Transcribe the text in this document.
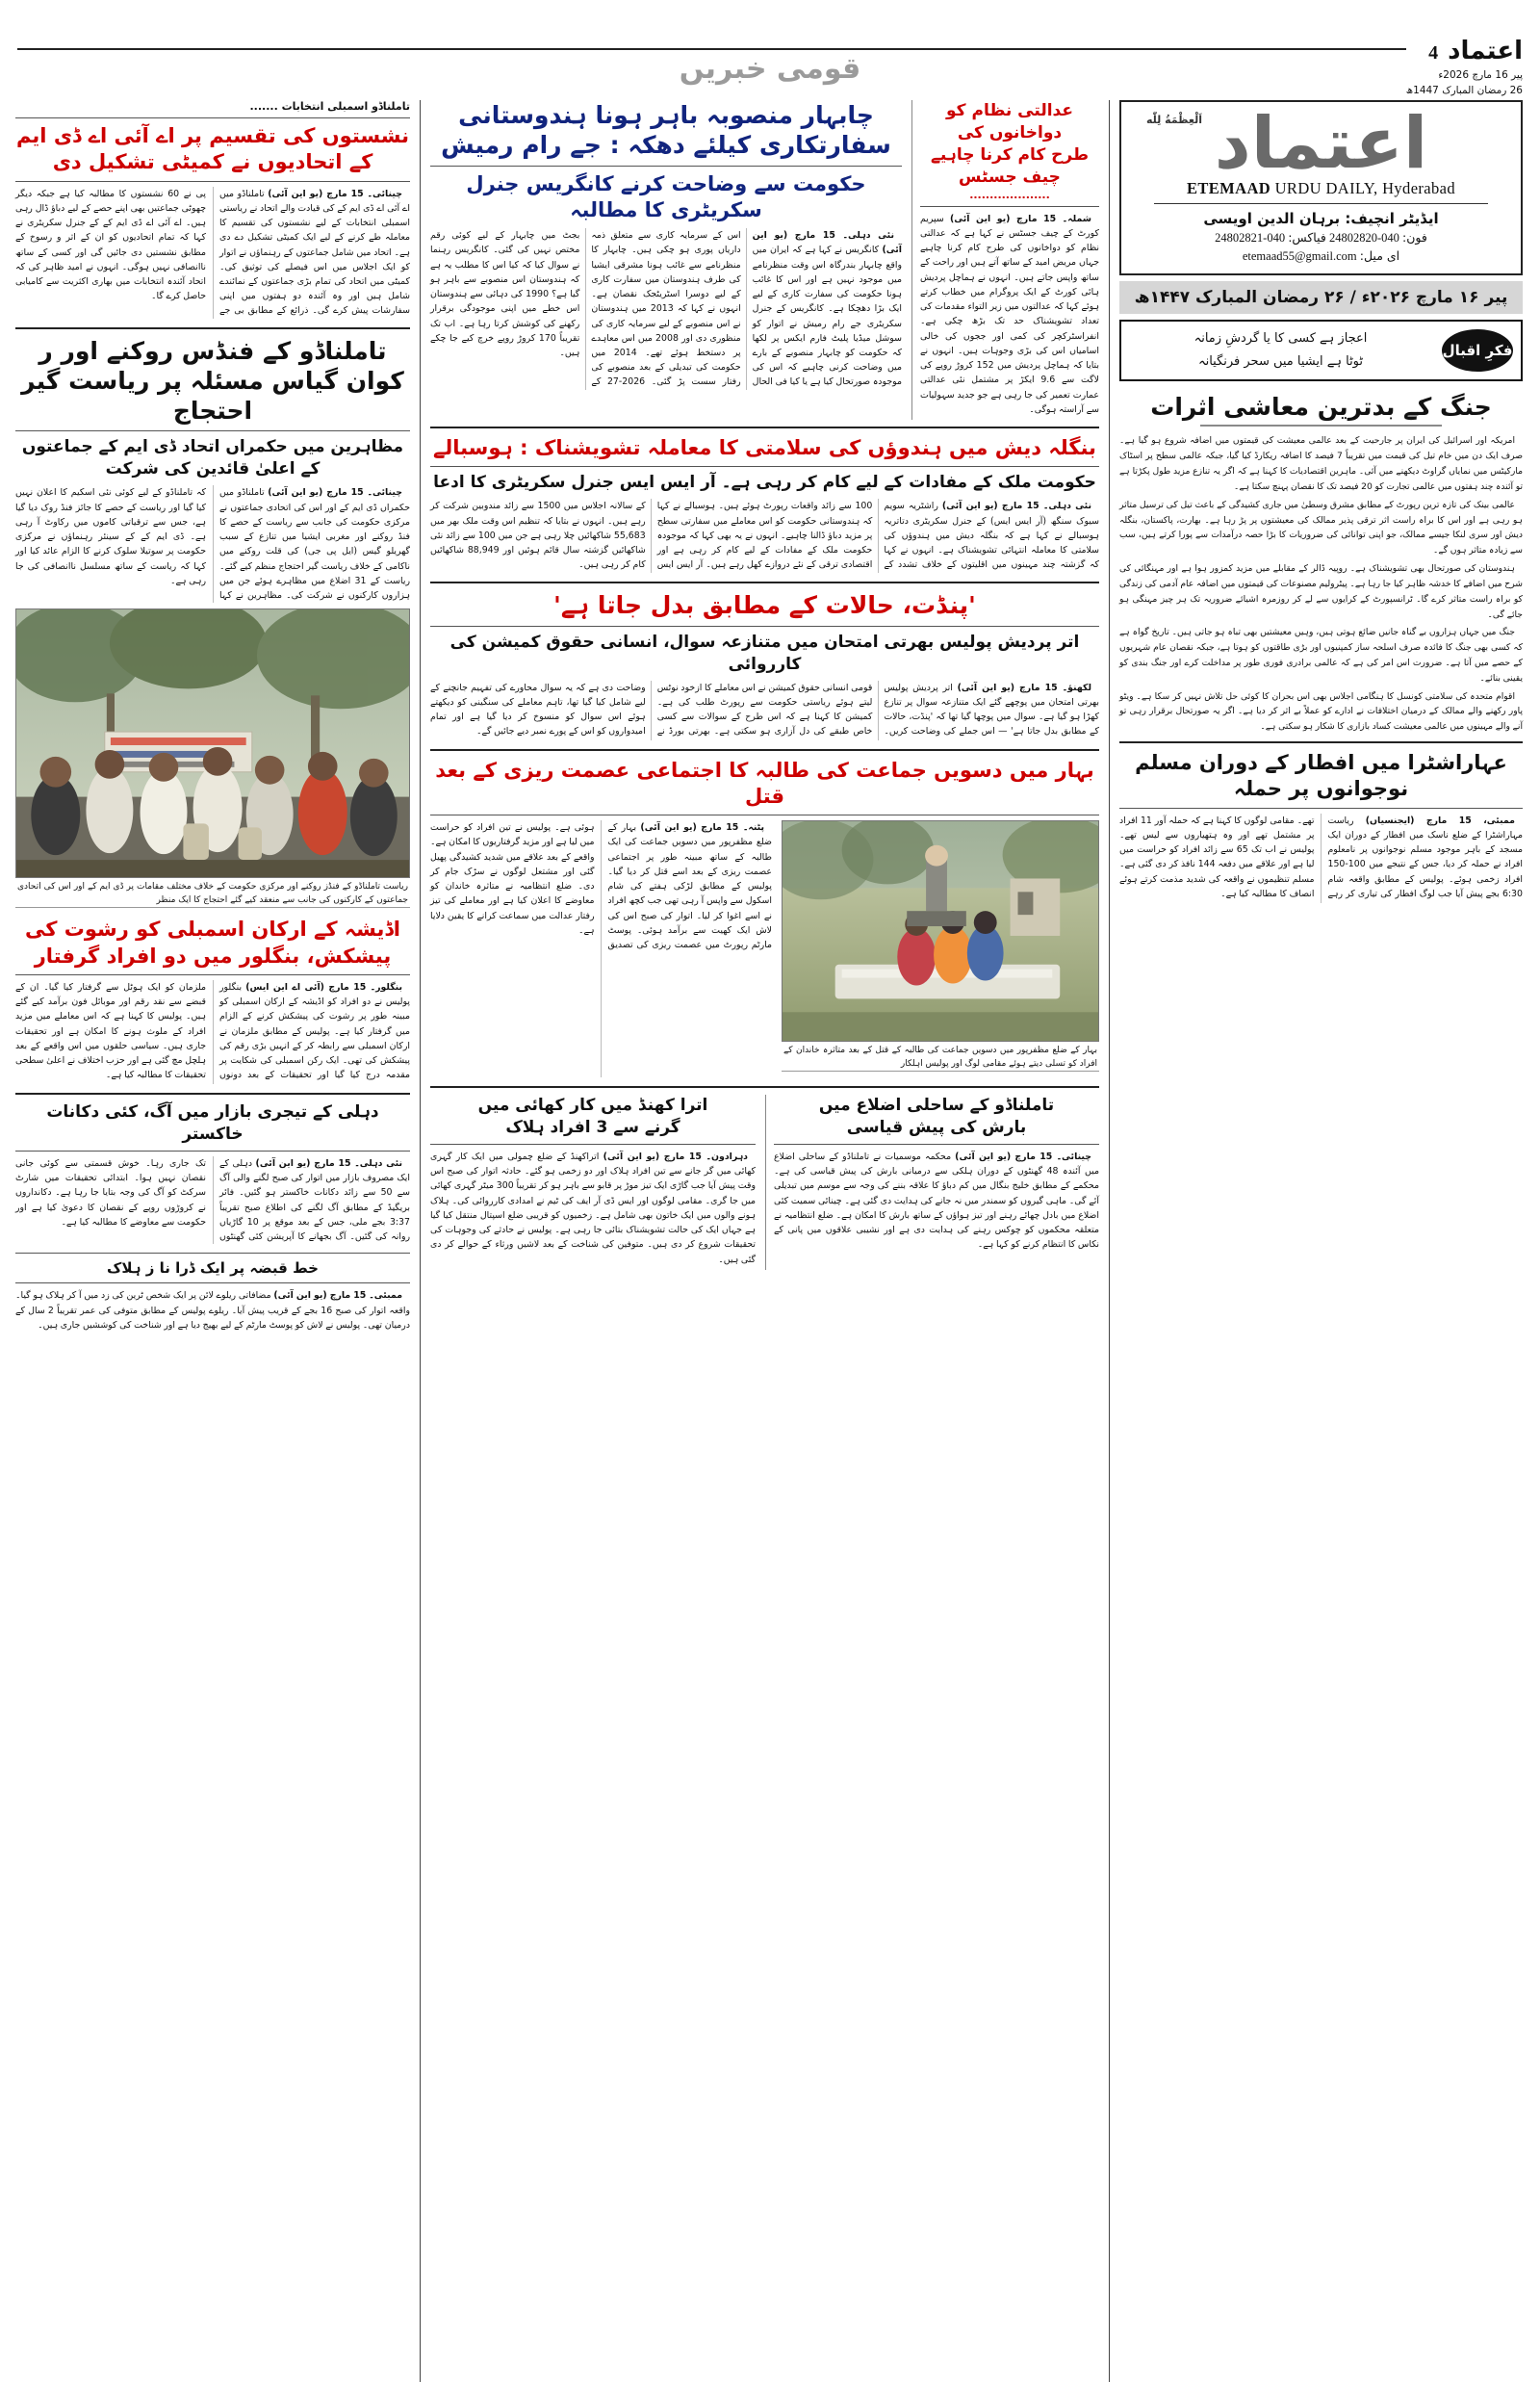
اعتماد
4
پیر 16 مارچ 2026ء
26 رمضان المبارک 1447ھ
قومی خبریں
اَلْعِظْمَةُ لِلّٰه اعتماد
ETEMAAD URDU DAILY, Hyderabad
ایڈیٹر انچیف: برہان الدین اویسی
فون: 040-24802820 فیاکس: 040-24802821
ای میل: etemaad55@gmail.com
پیر ۱۶ مارچ ۲۰۲۶ء / ۲۶ رمضان المبارک ۱۴۴۷ھ
فکرِ اقبال
اعجاز ہے کسی کا یا گردشِ زمانہ
ٹوٹا ہے ایشیا میں سحر فرنگیانہ
جنگ کے بدترین معاشی اثرات

امریکہ اور اسرائیل کی ایران پر جارحیت کے بعد عالمی معیشت کی قیمتوں میں اضافہ شروع ہو گیا ہے۔ صرف ایک دن میں خام تیل کی قیمت میں تقریباً 7 فیصد کا اضافہ ریکارڈ کیا گیا، جبکہ عالمی سطح پر اسٹاک مارکیٹس میں نمایاں گراوٹ دیکھنے میں آئی۔ ماہرین اقتصادیات کا کہنا ہے کہ اگر یہ تنازع مزید طول پکڑتا ہے تو آئندہ چند ہفتوں میں عالمی تجارت کو 20 فیصد تک کا نقصان پہنچ سکتا ہے۔

عالمی بینک کی تازہ ترین رپورٹ کے مطابق مشرق وسطیٰ میں جاری کشیدگی کے باعث تیل کی ترسیل متاثر ہو رہی ہے اور اس کا براہ راست اثر ترقی پذیر ممالک کی معیشتوں پر پڑ رہا ہے۔ بھارت، پاکستان، بنگلہ دیش اور سری لنکا جیسے ممالک، جو اپنی توانائی کی ضروریات کا بڑا حصہ درآمدات سے پورا کرتے ہیں، سب سے زیادہ متاثر ہوں گے۔

ہندوستان کی صورتحال بھی تشویشناک ہے۔ روپیہ ڈالر کے مقابلے میں مزید کمزور ہوا ہے اور مہنگائی کی شرح میں اضافے کا خدشہ ظاہر کیا جا رہا ہے۔ پیٹرولیم مصنوعات کی قیمتوں میں اضافہ عام آدمی کی زندگی کو براہ راست متاثر کرے گا۔ ٹرانسپورٹ کے کرایوں سے لے کر روزمرہ اشیائے ضروریہ تک ہر چیز مہنگی ہو جائے گی۔

جنگ میں جہاں ہزاروں بے گناہ جانیں ضائع ہوتی ہیں، وہیں معیشتیں بھی تباہ ہو جاتی ہیں۔ تاریخ گواہ ہے کہ کسی بھی جنگ کا فائدہ صرف اسلحہ ساز کمپنیوں اور بڑی طاقتوں کو ہوتا ہے، جبکہ نقصان عام شہریوں کے حصے میں آتا ہے۔ ضرورت اس امر کی ہے کہ عالمی برادری فوری طور پر مداخلت کرے اور جنگ بندی کو یقینی بنائے۔

اقوام متحدہ کی سلامتی کونسل کا ہنگامی اجلاس بھی اس بحران کا کوئی حل تلاش نہیں کر سکا ہے۔ ویٹو پاور رکھنے والے ممالک کے درمیان اختلافات نے ادارے کو عملاً بے اثر کر دیا ہے۔ اگر یہ صورتحال برقرار رہی تو آنے والے مہینوں میں عالمی معیشت کساد بازاری کا شکار ہو سکتی ہے۔

عہاراشٹرا میں افطار کے دوران مسلم نوجوانوں پر حملہ

ممبئی، 15 مارچ (ایجنسیاں) ریاست مہاراشٹرا کے ضلع ناسک میں افطار کے دوران ایک مسجد کے باہر موجود مسلم نوجوانوں پر نامعلوم افراد نے حملہ کر دیا، جس کے نتیجے میں 100-150 افراد زخمی ہوئے۔ پولیس کے مطابق واقعہ شام 6:30 بجے پیش آیا جب لوگ افطار کی تیاری کر رہے تھے۔ مقامی لوگوں کا کہنا ہے کہ حملہ آور 11 افراد پر مشتمل تھے اور وہ ہتھیاروں سے لیس تھے۔ پولیس نے اب تک 65 سے زائد افراد کو حراست میں لیا ہے اور علاقے میں دفعہ 144 نافذ کر دی گئی ہے۔ مسلم تنظیموں نے واقعہ کی شدید مذمت کرتے ہوئے انصاف کا مطالبہ کیا ہے۔

عدالتی نظام کو دواخانوں کی
طرح کام کرنا چاہیے
چیف جسٹس
....................

شملہ۔ 15 مارچ (یو این آئی) سپریم کورٹ کے چیف جسٹس نے کہا ہے کہ عدالتی نظام کو دواخانوں کی طرح کام کرنا چاہیے جہاں مریض امید کے ساتھ آتے ہیں اور راحت کے ساتھ واپس جاتے ہیں۔ انہوں نے ہماچل پردیش ہائی کورٹ کے ایک پروگرام میں خطاب کرتے ہوئے کہا کہ عدالتوں میں زیر التواء مقدمات کی تعداد تشویشناک حد تک بڑھ چکی ہے۔ انفراسٹرکچر کی کمی اور ججوں کی خالی اسامیاں اس کی بڑی وجوہات ہیں۔ انہوں نے بتایا کہ ہماچل پردیش میں 152 کروڑ روپے کی لاگت سے 9.6 ایکڑ پر مشتمل نئی عدالتی عمارت تعمیر کی جا رہی ہے جو جدید سہولیات سے آراستہ ہوگی۔

چابہار منصوبہ باہر ہونا ہندوستانی سفارتکاری کیلئے دھکہ : جے رام رمیش
حکومت سے وضاحت کرنے کانگریس جنرل سکریٹری کا مطالبہ

نئی دہلی۔ 15 مارچ (یو این آئی) کانگریس نے کہا ہے کہ ایران میں واقع چابہار بندرگاہ اس وقت منظرنامے میں موجود نہیں ہے اور اس کا غائب ہونا حکومت کی سفارت کاری کے لیے ایک بڑا دھچکا ہے۔ کانگریس کے جنرل سکریٹری جے رام رمیش نے اتوار کو سوشل میڈیا پلیٹ فارم ایکس پر لکھا کہ حکومت کو چابہار منصوبے کے بارے میں وضاحت کرنی چاہیے کہ اس کی موجودہ صورتحال کیا ہے یا کیا فی الحال اس کے سرمایہ کاری سے متعلق ذمہ داریاں پوری ہو چکی ہیں۔ چابہار کا منظرنامے سے غائب ہونا مشرقی ایشیا کی طرف ہندوستان میں سفارت کاری کے لیے دوسرا اسٹریٹجک نقصان ہے۔ انہوں نے کہا کہ 2013 میں ہندوستان نے اس منصوبے کے لیے سرمایہ کاری کی منظوری دی اور 2008 میں اس معاہدے پر دستخط ہوئے تھے۔ 2014 میں حکومت کی تبدیلی کے بعد منصوبے کی رفتار سست پڑ گئی۔ 2026-27 کے بجٹ میں چابہار کے لیے کوئی رقم مختص نہیں کی گئی۔ کانگریس رہنما نے سوال کیا کہ کیا اس کا مطلب یہ ہے کہ ہندوستان اس منصوبے سے باہر ہو گیا ہے؟ 1990 کی دہائی سے ہندوستان اس خطے میں اپنی موجودگی برقرار رکھنے کی کوشش کرتا رہا ہے۔ اب تک تقریباً 170 کروڑ روپے خرچ کیے جا چکے ہیں۔

بنگلہ دیش میں ہندوؤں کی سلامتی کا معاملہ تشویشناک : ہوسبالے
حکومت ملک کے مفادات کے لیے کام کر رہی ہے۔ آر ایس ایس جنرل سکریٹری کا ادعا

نئی دہلی۔ 15 مارچ (یو این آئی) راشٹریہ سویم سیوک سنگھ (آر ایس ایس) کے جنرل سکریٹری دتاتریہ ہوسبالے نے کہا ہے کہ بنگلہ دیش میں ہندوؤں کی سلامتی کا معاملہ انتہائی تشویشناک ہے۔ انہوں نے کہا کہ گزشتہ چند مہینوں میں اقلیتوں کے خلاف تشدد کے 100 سے زائد واقعات رپورٹ ہوئے ہیں۔ ہوسبالے نے کہا کہ ہندوستانی حکومت کو اس معاملے میں سفارتی سطح پر مزید دباؤ ڈالنا چاہیے۔ انہوں نے یہ بھی کہا کہ موجودہ حکومت ملک کے مفادات کے لیے کام کر رہی ہے اور اقتصادی ترقی کے نئے دروازے کھل رہے ہیں۔ آر ایس ایس کے سالانہ اجلاس میں 1500 سے زائد مندوبین شرکت کر رہے ہیں۔ انہوں نے بتایا کہ تنظیم اس وقت ملک بھر میں 55,683 شاکھائیں چلا رہی ہے جن میں 100 سے زائد نئی شاکھائیں گزشتہ سال قائم ہوئیں اور 88,949 شاکھائیں کام کر رہی ہیں۔

'پنڈت، حالات کے مطابق بدل جاتا ہے'
اتر پردیش پولیس بھرتی امتحان میں متنازعہ سوال، انسانی حقوق کمیشن کی کارروائی

لکھنؤ۔ 15 مارچ (یو این آئی) اتر پردیش پولیس بھرتی امتحان میں پوچھے گئے ایک متنازعہ سوال پر تنازع کھڑا ہو گیا ہے۔ سوال میں پوچھا گیا تھا کہ 'پنڈت، حالات کے مطابق بدل جاتا ہے' — اس جملے کی وضاحت کریں۔ قومی انسانی حقوق کمیشن نے اس معاملے کا ازخود نوٹس لیتے ہوئے ریاستی حکومت سے رپورٹ طلب کی ہے۔ کمیشن کا کہنا ہے کہ اس طرح کے سوالات سے کسی خاص طبقے کی دل آزاری ہو سکتی ہے۔ بھرتی بورڈ نے وضاحت دی ہے کہ یہ سوال محاورے کی تفہیم جانچنے کے لیے شامل کیا گیا تھا، تاہم معاملے کی سنگینی کو دیکھتے ہوئے اس سوال کو منسوخ کر دیا گیا ہے اور تمام امیدواروں کو اس کے پورے نمبر دیے جائیں گے۔

بہار میں دسویں جماعت کی طالبہ کا اجتماعی عصمت ریزی کے بعد قتل
بہار کے ضلع مظفرپور میں دسویں جماعت کی طالبہ کے قتل کے بعد متاثرہ خاندان کے افراد کو تسلی دیتے ہوئے مقامی لوگ اور پولیس اہلکار

پٹنہ۔ 15 مارچ (یو این آئی) بہار کے ضلع مظفرپور میں دسویں جماعت کی ایک طالبہ کے ساتھ مبینہ طور پر اجتماعی عصمت ریزی کے بعد اسے قتل کر دیا گیا۔ پولیس کے مطابق لڑکی ہفتے کی شام اسکول سے واپس آ رہی تھی جب کچھ افراد نے اسے اغوا کر لیا۔ اتوار کی صبح اس کی لاش ایک کھیت سے برآمد ہوئی۔ پوسٹ مارٹم رپورٹ میں عصمت ریزی کی تصدیق ہوئی ہے۔ پولیس نے تین افراد کو حراست میں لیا ہے اور مزید گرفتاریوں کا امکان ہے۔ واقعے کے بعد علاقے میں شدید کشیدگی پھیل گئی اور مشتعل لوگوں نے سڑک جام کر دی۔ ضلع انتظامیہ نے متاثرہ خاندان کو معاوضے کا اعلان کیا ہے اور معاملے کی تیز رفتار عدالت میں سماعت کرانے کا یقین دلایا ہے۔

تاملناڈو کے ساحلی اضلاع میں
بارش کی پیش قیاسی

چینائی۔ 15 مارچ (یو این آئی) محکمہ موسمیات نے تاملناڈو کے ساحلی اضلاع میں آئندہ 48 گھنٹوں کے دوران ہلکی سے درمیانی بارش کی پیش قیاسی کی ہے۔ محکمے کے مطابق خلیج بنگال میں کم دباؤ کا علاقہ بننے کی وجہ سے موسم میں تبدیلی آئے گی۔ ماہی گیروں کو سمندر میں نہ جانے کی ہدایت دی گئی ہے۔ چینائی سمیت کئی اضلاع میں بادل چھائے رہنے اور تیز ہواؤں کے ساتھ بارش کا امکان ہے۔ ضلع انتظامیہ نے متعلقہ محکموں کو چوکس رہنے کی ہدایت دی ہے اور نشیبی علاقوں میں پانی کے نکاس کا انتظام کرنے کو کہا ہے۔

اترا کھنڈ میں کار کھائی میں
گرنے سے 3 افراد ہلاک

دہرادون۔ 15 مارچ (یو این آئی) اتراکھنڈ کے ضلع چمولی میں ایک کار گہری کھائی میں گر جانے سے تین افراد ہلاک اور دو زخمی ہو گئے۔ حادثہ اتوار کی صبح اس وقت پیش آیا جب گاڑی ایک تیز موڑ پر قابو سے باہر ہو کر تقریباً 300 میٹر گہری کھائی میں جا گری۔ مقامی لوگوں اور ایس ڈی آر ایف کی ٹیم نے امدادی کارروائی کی۔ ہلاک ہونے والوں میں ایک خاتون بھی شامل ہے۔ زخمیوں کو قریبی ضلع اسپتال منتقل کیا گیا ہے جہاں ایک کی حالت تشویشناک بتائی جا رہی ہے۔ پولیس نے حادثے کی وجوہات کی تحقیقات شروع کر دی ہیں۔ متوفین کی شناخت کے بعد لاشیں ورثاء کے حوالے کر دی گئی ہیں۔

تاملناڈو اسمبلی انتخابات .......
نشستوں کی تقسیم پر اے آئی اے ڈی ایم کے اتحادیوں نے کمیٹی تشکیل دی

چینائی۔ 15 مارچ (یو این آئی) تاملناڈو میں اے آئی اے ڈی ایم کے کی قیادت والے اتحاد نے ریاستی اسمبلی انتخابات کے لیے نشستوں کی تقسیم کا معاملہ طے کرنے کے لیے ایک کمیٹی تشکیل دے دی ہے۔ اتحاد میں شامل جماعتوں کے رہنماؤں نے اتوار کو ایک اجلاس میں اس فیصلے کی توثیق کی۔ کمیٹی میں اتحاد کی تمام بڑی جماعتوں کے نمائندے شامل ہیں اور وہ آئندہ دو ہفتوں میں اپنی سفارشات پیش کرے گی۔ ذرائع کے مطابق بی جے پی نے 60 نشستوں کا مطالبہ کیا ہے جبکہ دیگر چھوٹی جماعتیں بھی اپنے حصے کے لیے دباؤ ڈال رہی ہیں۔ اے آئی اے ڈی ایم کے کے جنرل سکریٹری نے کہا کہ تمام اتحادیوں کو ان کے اثر و رسوخ کے مطابق نشستیں دی جائیں گی اور کسی کے ساتھ ناانصافی نہیں ہوگی۔ انہوں نے امید ظاہر کی کہ اتحاد آئندہ انتخابات میں بھاری اکثریت سے کامیابی حاصل کرے گا۔

تاملناڈو کے فنڈس روکنے اور ر کوان گیاس مسئلہ پر ریاست گیر احتجاج
مظاہرین میں حکمراں اتحاد ڈی ایم کے جماعتوں کے اعلیٰ قائدین کی شرکت

چینائی۔ 15 مارچ (یو این آئی) تاملناڈو میں حکمراں ڈی ایم کے اور اس کی اتحادی جماعتوں نے مرکزی حکومت کی جانب سے ریاست کے حصے کا فنڈ روکنے اور مغربی ایشیا میں تنازع کے سبب گھریلو گیس (ایل پی جی) کی قلت روکنے میں ناکامی کے خلاف ریاست گیر احتجاج منظم کیے گئے۔ ریاست کے 31 اضلاع میں مظاہرے ہوئے جن میں ہزاروں کارکنوں نے شرکت کی۔ مظاہرین نے کہا کہ تاملناڈو کے لیے کوئی نئی اسکیم کا اعلان نہیں کیا گیا اور ریاست کے حصے کا جائز فنڈ روک دیا گیا ہے، جس سے ترقیاتی کاموں میں رکاوٹ آ رہی ہے۔ ڈی ایم کے کے سینئر رہنماؤں نے مرکزی حکومت پر سوتیلا سلوک کرنے کا الزام عائد کیا اور کہا کہ ریاست کے ساتھ مسلسل ناانصافی کی جا رہی ہے۔

ریاست تاملناڈو کے فنڈز روکنے اور مرکزی حکومت کے خلاف مختلف مقامات پر ڈی ایم کے اور اس کی اتحادی جماعتوں کے کارکنوں کی جانب سے منعقد کیے گئے احتجاج کا ایک منظر
اڈیشہ کے ارکان اسمبلی کو رشوت کی پیشکش، بنگلور میں دو افراد گرفتار

بنگلور۔ 15 مارچ (آئی اے این ایس) بنگلور پولیس نے دو افراد کو اڈیشہ کے ارکان اسمبلی کو مبینہ طور پر رشوت کی پیشکش کرنے کے الزام میں گرفتار کیا ہے۔ پولیس کے مطابق ملزمان نے ارکان اسمبلی سے رابطہ کر کے انہیں بڑی رقم کی پیشکش کی تھی۔ ایک رکن اسمبلی کی شکایت پر مقدمہ درج کیا گیا اور تحقیقات کے بعد دونوں ملزمان کو ایک ہوٹل سے گرفتار کیا گیا۔ ان کے قبضے سے نقد رقم اور موبائل فون برآمد کیے گئے ہیں۔ پولیس کا کہنا ہے کہ اس معاملے میں مزید افراد کے ملوث ہونے کا امکان ہے اور تحقیقات جاری ہیں۔ سیاسی حلقوں میں اس واقعے کے بعد ہلچل مچ گئی ہے اور حزب اختلاف نے اعلیٰ سطحی تحقیقات کا مطالبہ کیا ہے۔

دہلی کے تیجری بازار میں آگ، کئی دکانات خاکستر

نئی دہلی۔ 15 مارچ (یو این آئی) دہلی کے ایک مصروف بازار میں اتوار کی صبح لگنے والی آگ سے 50 سے زائد دکانات خاکستر ہو گئیں۔ فائر بریگیڈ کے مطابق آگ لگنے کی اطلاع صبح تقریباً 3:37 بجے ملی، جس کے بعد موقع پر 10 گاڑیاں روانہ کی گئیں۔ آگ بجھانے کا آپریشن کئی گھنٹوں تک جاری رہا۔ خوش قسمتی سے کوئی جانی نقصان نہیں ہوا۔ ابتدائی تحقیقات میں شارٹ سرکٹ کو آگ کی وجہ بتایا جا رہا ہے۔ دکانداروں نے کروڑوں روپے کے نقصان کا دعویٰ کیا ہے اور حکومت سے معاوضے کا مطالبہ کیا ہے۔

خط قبضہ پر ایک ڈرا نا ز ہلاک

ممبئی۔ 15 مارچ (یو این آئی) مضافاتی ریلوے لائن پر ایک شخص ٹرین کی زد میں آ کر ہلاک ہو گیا۔ واقعہ اتوار کی صبح 16 بجے کے قریب پیش آیا۔ ریلوے پولیس کے مطابق متوفی کی عمر تقریباً 2 سال کے درمیان تھی۔ پولیس نے لاش کو پوسٹ مارٹم کے لیے بھیج دیا ہے اور شناخت کی کوششیں جاری ہیں۔
